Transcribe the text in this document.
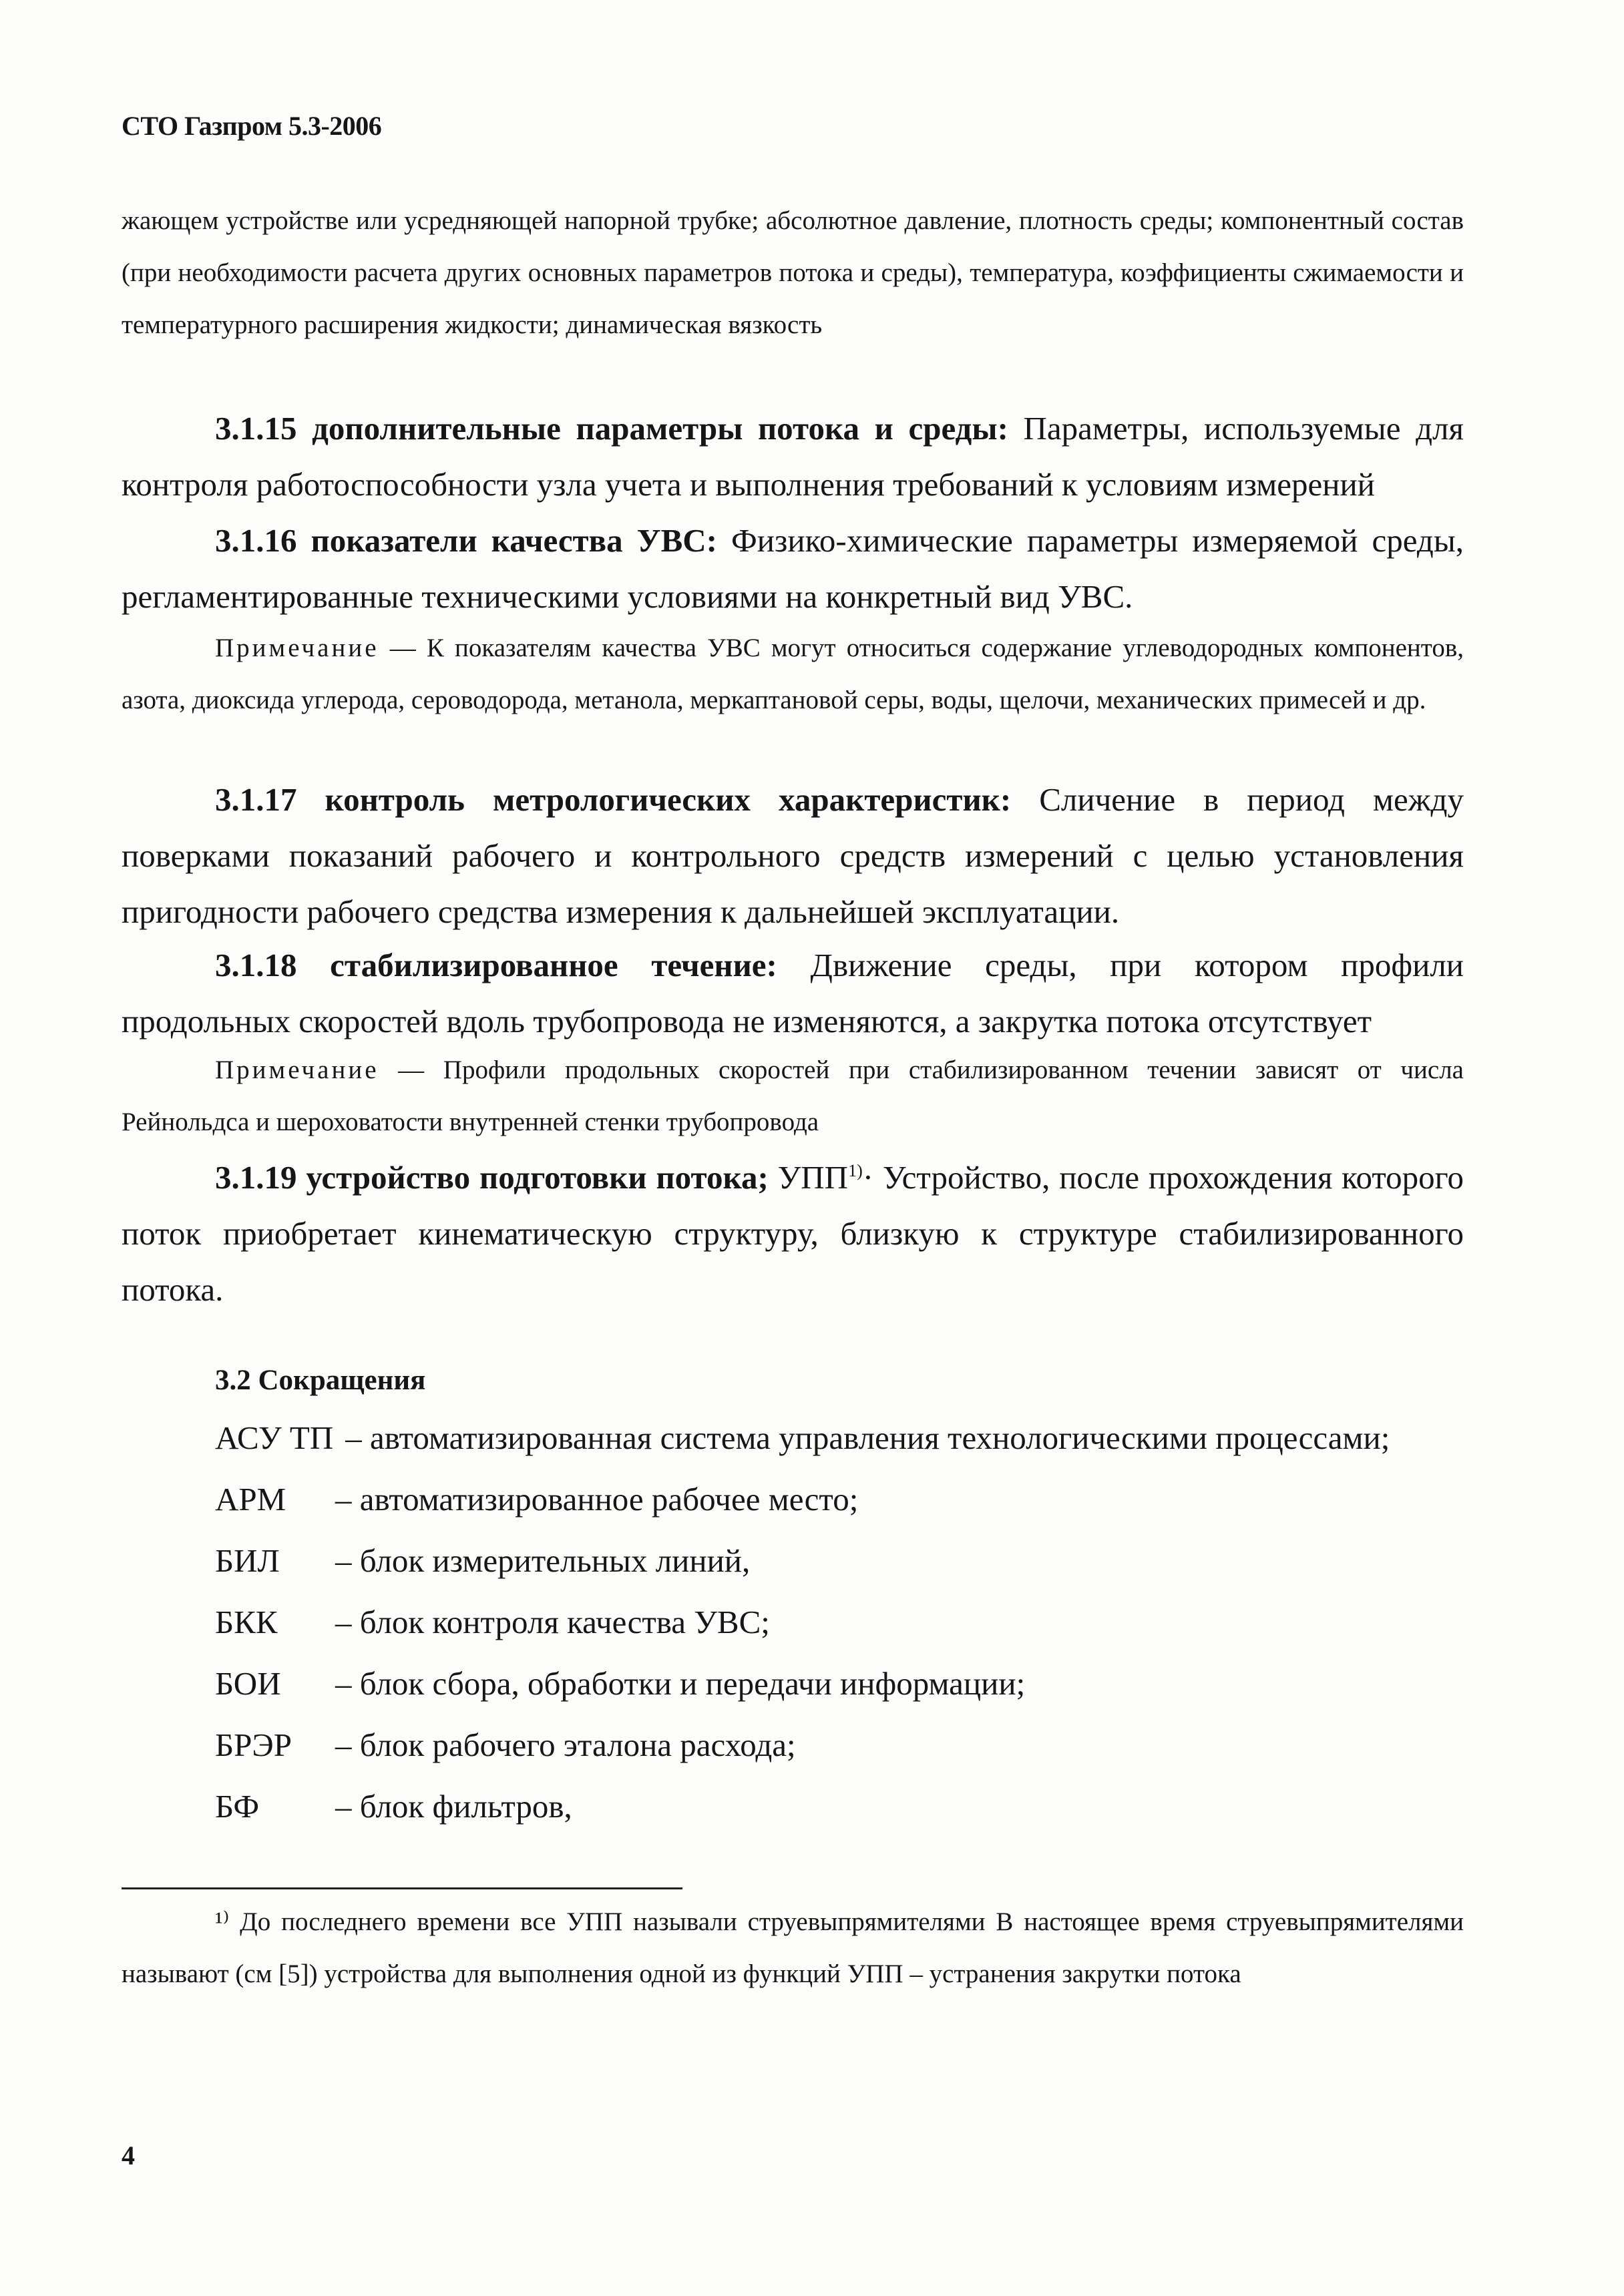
СТО Газпром 5.3-2006

жающем устройстве или усредняющей напорной трубке; абсолютное давление, плотность среды; компонентный состав (при необходимости расчета других основных параметров потока и среды), температура, коэффициенты сжимаемости и температурного расширения жидкости; динамическая вязкость

3.1.15 дополнительные параметры потока и среды: Параметры, используемые для контроля работоспособности узла учета и выполнения требований к условиям измерений

3.1.16 показатели качества УВС: Физико-химические параметры измеряемой среды, регламентированные техническими условиями на конкретный вид УВС.

Примечание — К показателям качества УВС могут относиться содержание углеводородных компонентов, азота, диоксида углерода, сероводорода, метанола, меркаптановой серы, воды, щелочи, механических примесей и др.

3.1.17 контроль метрологических характеристик: Сличение в период между поверками показаний рабочего и контрольного средств измерений с целью установления пригодности рабочего средства измерения к дальнейшей эксплуатации.

3.1.18 стабилизированное течение: Движение среды, при котором профили продольных скоростей вдоль трубопровода не изменяются, а закрутка потока отсутствует

Примечание — Профили продольных скоростей при стабилизированном течении зависят от числа Рейнольдса и шероховатости внутренней стенки трубопровода

3.1.19 устройство подготовки потока; $УПП^{1)}\cdot$ Устройство, после прохождения которого поток приобретает кинематическую структуру, близкую к структуре стабилизированного потока.

3.2 Сокращения
АСУ ТП – автоматизированная система управления технологическими процессами;
АРМ	– автоматизированное рабочее место;
БИЛ	– блок измерительных линий,
БКК	– блок контроля качества УВС;
БОИ	– блок сбора, обработки и передачи информации;
БРЭР	– блок рабочего эталона расхода;
БФ	– блок фильтров,

¹⁾ До последнего времени все УПП называли струевыпрямителями В настоящее время струевыпрямителями называют (см [5]) устройства для выполнения одной из функций УПП – устранения закрутки потока

4
